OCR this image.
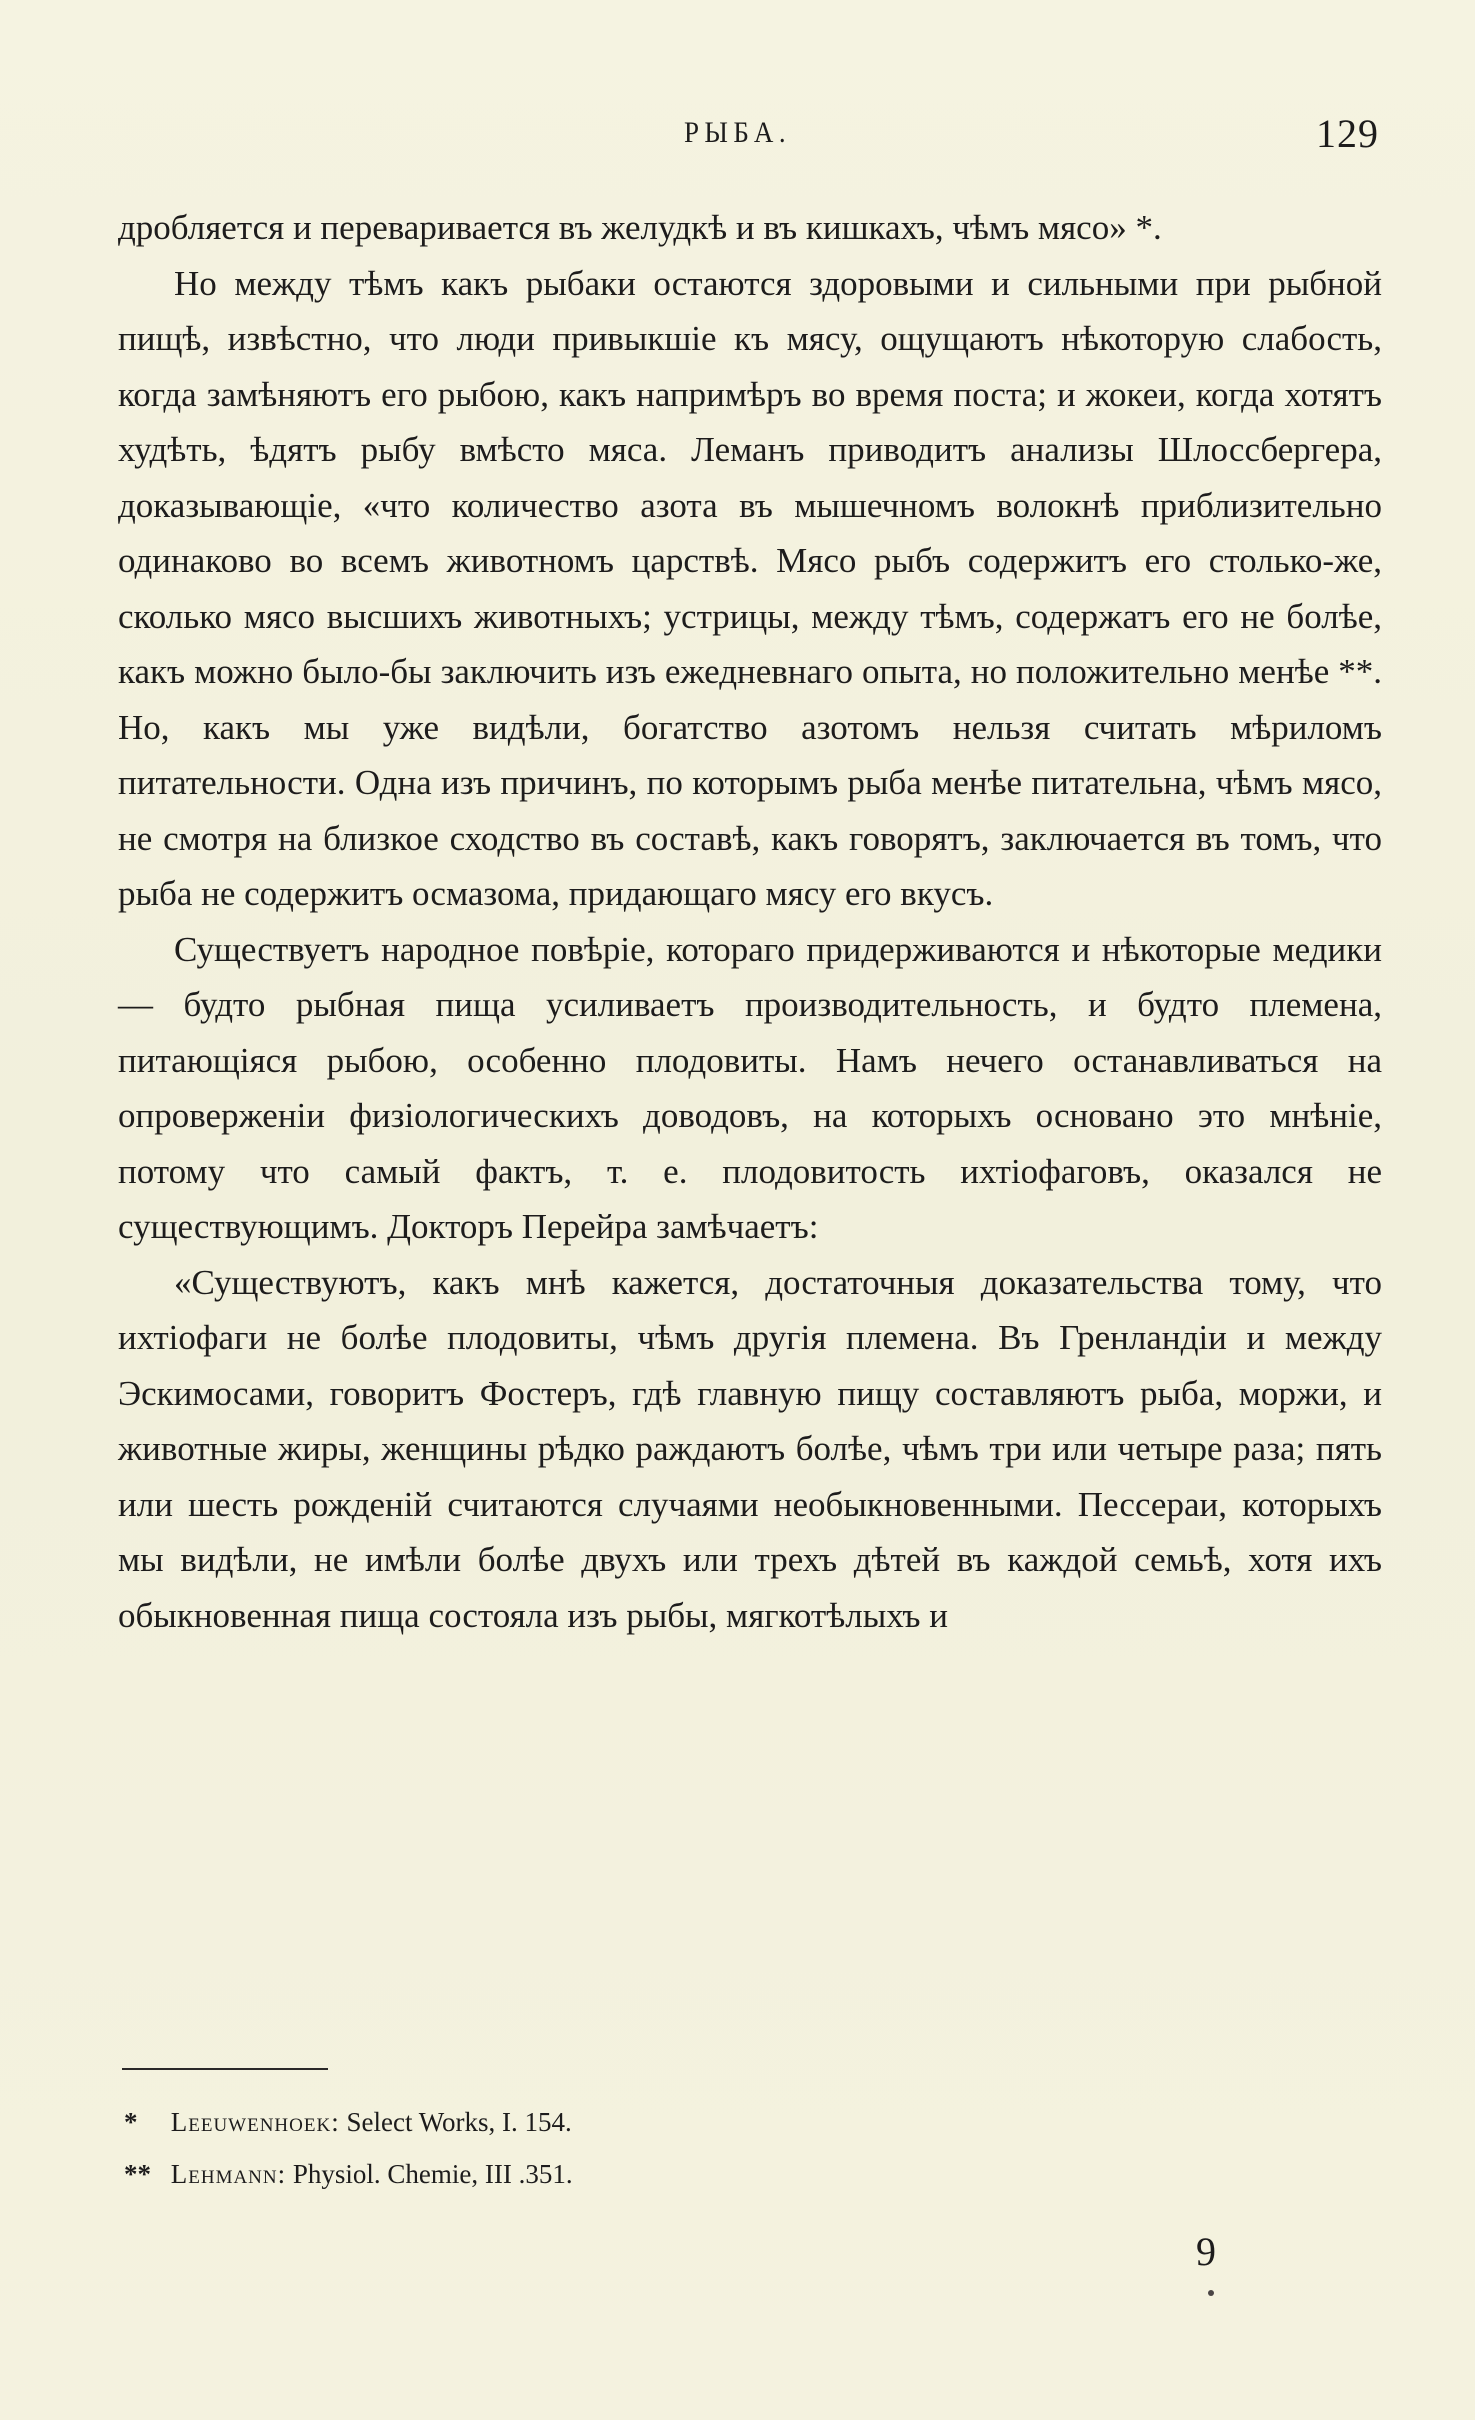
РЫБА.	129

дробляется и переваривается въ желудкѣ и въ кишкахъ, чѣмъ мясо» *.

Но между тѣмъ какъ рыбаки остаются здоровыми и сильными при рыбной пищѣ, извѣстно, что люди привыкшіе къ мясу, ощущаютъ нѣкоторую слабость, когда замѣняютъ его рыбою, какъ напримѣръ во время поста; и жокеи, когда хотятъ худѣть, ѣдятъ рыбу вмѣсто мяса. Леманъ приводитъ анализы Шлоссбергера, доказывающіе, «что количество азота въ мышечномъ волокнѣ приблизительно одинаково во всемъ животномъ царствѣ. Мясо рыбъ содержитъ его столько-же, сколько мясо высшихъ животныхъ; устрицы, между тѣмъ, содержатъ его не болѣе, какъ можно было-бы заключить изъ ежедневнаго опыта, но положительно менѣе **. Но, какъ мы уже видѣли, богатство азотомъ нельзя считать мѣриломъ питательности. Одна изъ причинъ, по которымъ рыба менѣе питательна, чѣмъ мясо, не смотря на близкое сходство въ составѣ, какъ говорятъ, заключается въ томъ, что рыба не содержитъ осмазома, придающаго мясу его вкусъ.

Существуетъ народное повѣріе, котораго придерживаются и нѣкоторые медики — будто рыбная пища усиливаетъ производительность, и будто племена, питающіяся рыбою, особенно плодовиты. Намъ нечего останавливаться на опроверженіи физіологическихъ доводовъ, на которыхъ основано это мнѣніе, потому что самый фактъ, т. е. плодовитость ихтіофаговъ, оказался не существующимъ. Докторъ Перейра замѣчаетъ:

«Существуютъ, какъ мнѣ кажется, достаточныя доказательства тому, что ихтіофаги не болѣе плодовиты, чѣмъ другія племена. Въ Гренландіи и между Эскимосами, говоритъ Фостеръ, гдѣ главную пищу составляютъ рыба, моржи, и животные жиры, женщины рѣдко раждаютъ болѣе, чѣмъ три или четыре раза; пять или шесть рожденій считаются случаями необыкновенными. Пессераи, которыхъ мы видѣли, не имѣли болѣе двухъ или трехъ дѣтей въ каждой семьѣ, хотя ихъ обыкновенная пища состояла изъ рыбы, мягкотѣлыхъ и

* Leeuwenhoek: Select Works, I. 154.
** Lehmann: Physiol. Chemie, III .351.
9
